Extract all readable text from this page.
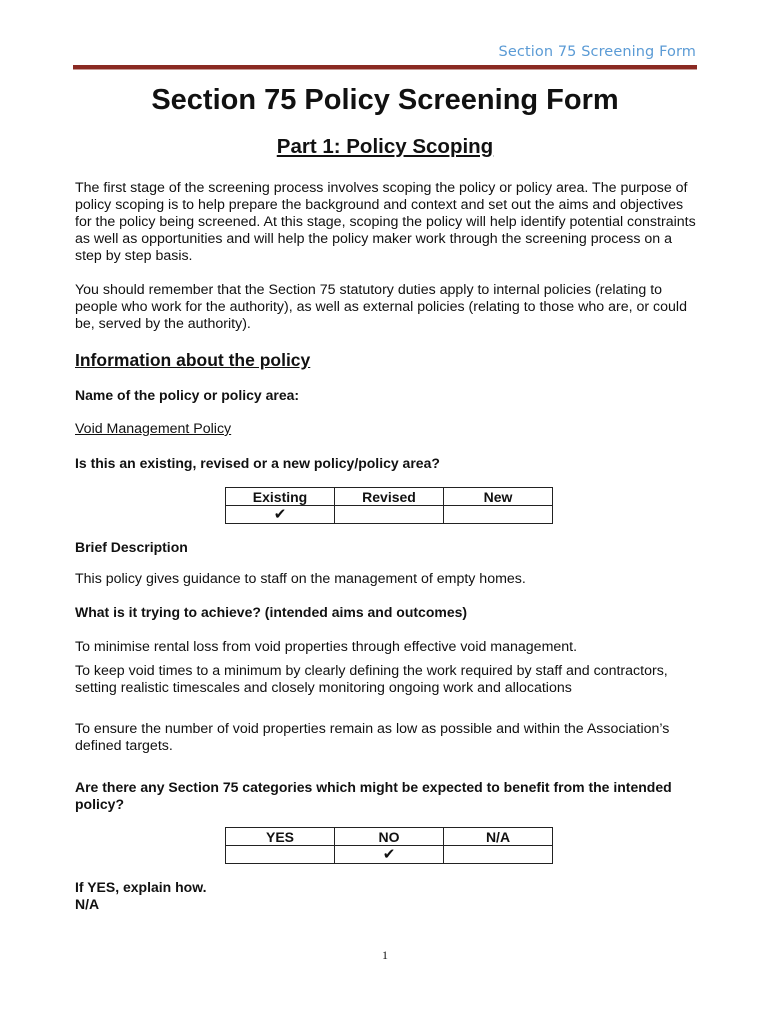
Section 75 Screening Form
Section 75 Policy Screening Form
Part 1: Policy Scoping

The first stage of the screening process involves scoping the policy or policy area. The purpose of policy scoping is to help prepare the background and context and set out the aims and objectives for the policy being screened. At this stage, scoping the policy will help identify potential constraints as well as opportunities and will help the policy maker work through the screening process on a step by step basis.

You should remember that the Section 75 statutory duties apply to internal policies (relating to people who work for the authority), as well as external policies (relating to those who are, or could be, served by the authority).

Information about the policy

Name of the policy or policy area:

Void Management Policy

Is this an existing, revised or a new policy/policy area?

Existing	Revised	New
✔		

Brief Description

This policy gives guidance to staff on the management of empty homes.

What is it trying to achieve? (intended aims and outcomes)

To minimise rental loss from void properties through effective void management.

To keep void times to a minimum by clearly defining the work required by staff and contractors, setting realistic timescales and closely monitoring ongoing work and allocations

To ensure the number of void properties remain as low as possible and within the Association’s defined targets.

Are there any Section 75 categories which might be expected to benefit from the intended policy?

YES	NO	N/A
	✔	

If YES, explain how.

N/A

1
